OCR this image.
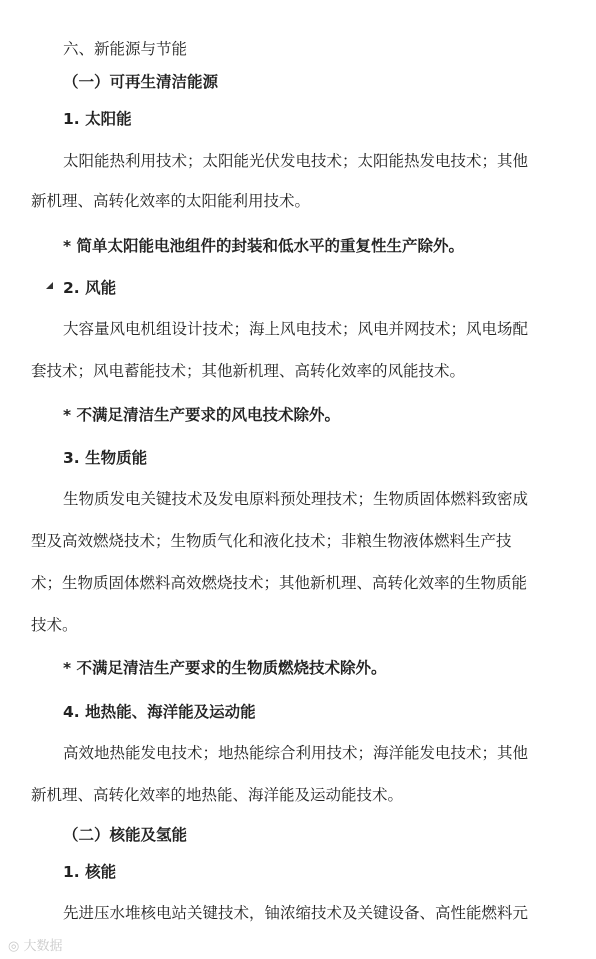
六、新能源与节能
（一）可再生清洁能源
1. 太阳能
太阳能热利用技术；太阳能光伏发电技术；太阳能热发电技术；其他
新机理、高转化效率的太阳能利用技术。
* 简单太阳能电池组件的封装和低水平的重复性生产除外。
2. 风能
大容量风电机组设计技术；海上风电技术；风电并网技术；风电场配
套技术；风电蓄能技术；其他新机理、高转化效率的风能技术。
* 不满足清洁生产要求的风电技术除外。
3. 生物质能
生物质发电关键技术及发电原料预处理技术；生物质固体燃料致密成
型及高效燃烧技术；生物质气化和液化技术；非粮生物液体燃料生产技
术；生物质固体燃料高效燃烧技术；其他新机理、高转化效率的生物质能
技术。
* 不满足清洁生产要求的生物质燃烧技术除外。
4. 地热能、海洋能及运动能
高效地热能发电技术；地热能综合利用技术；海洋能发电技术；其他
新机理、高转化效率的地热能、海洋能及运动能技术。
（二）核能及氢能
1. 核能
先进压水堆核电站关键技术，铀浓缩技术及关键设备、高性能燃料元
◎ 大数据
